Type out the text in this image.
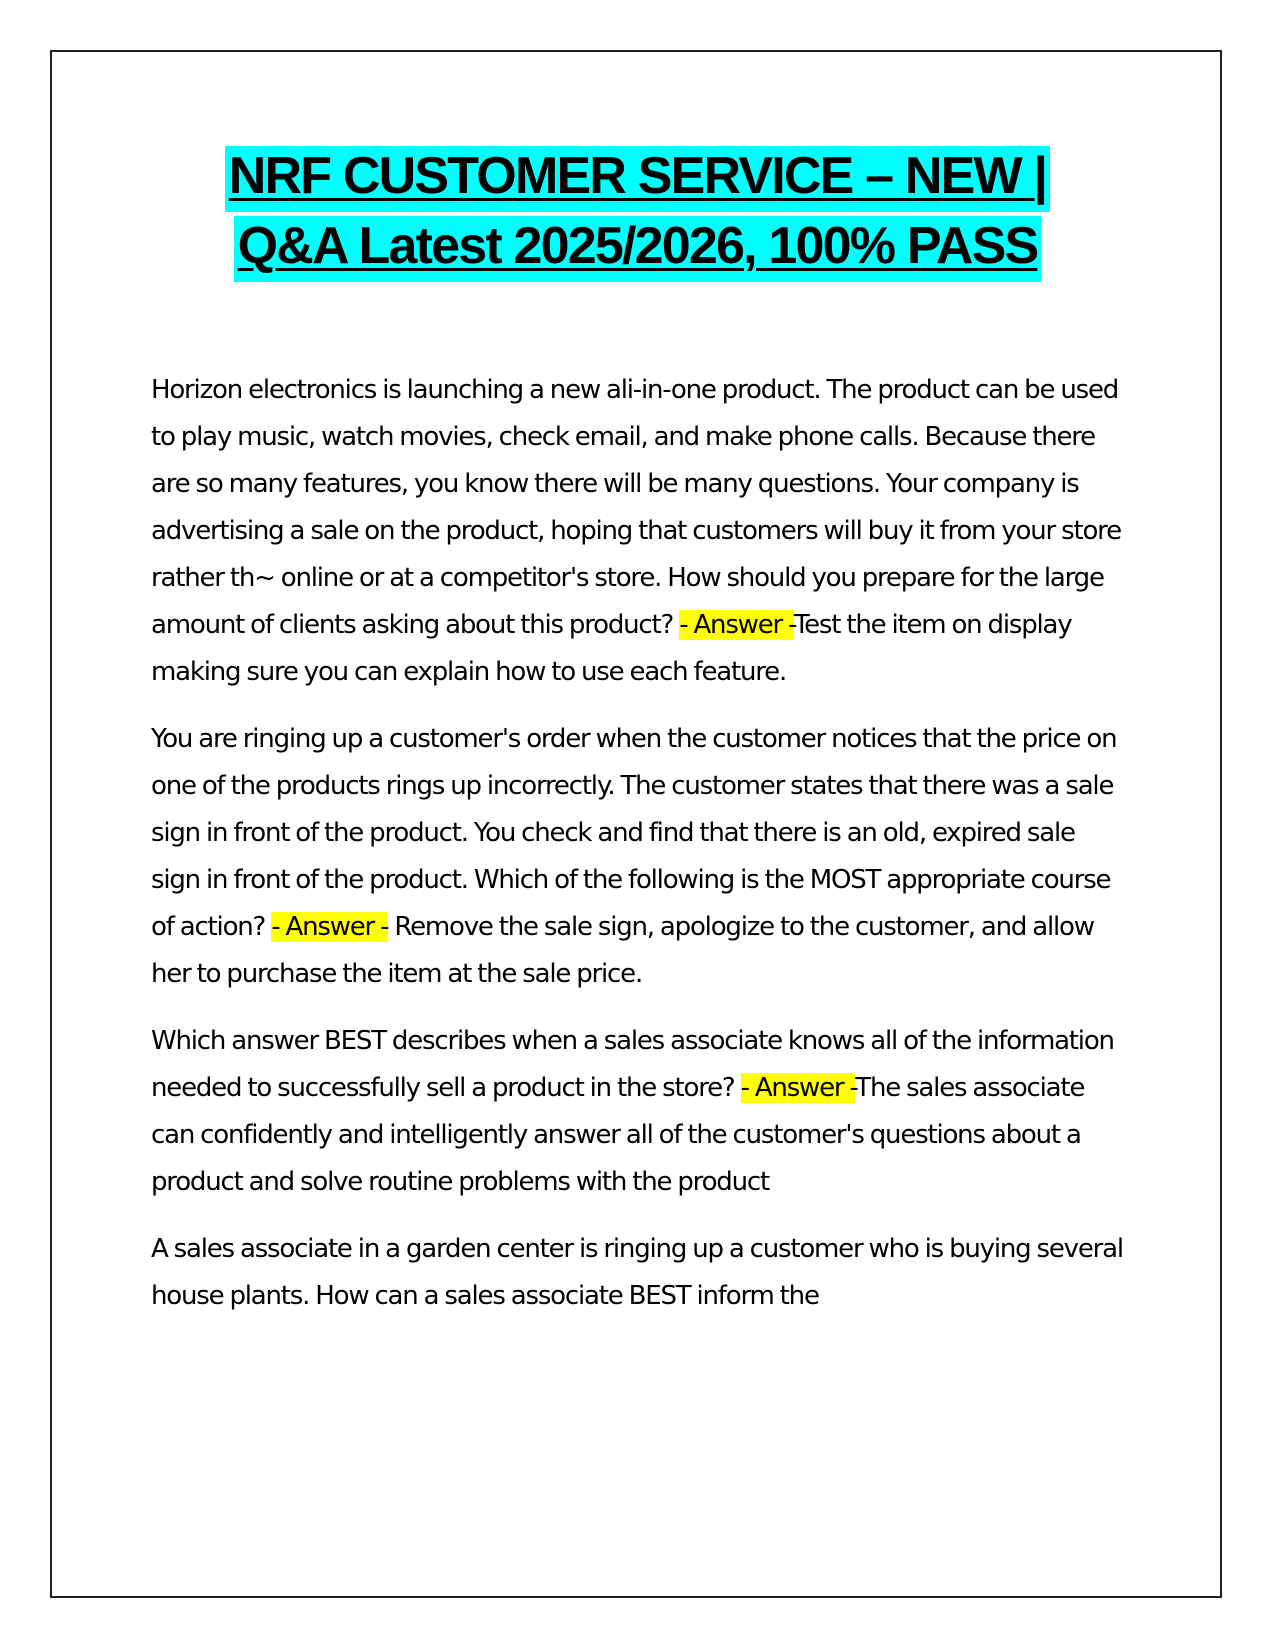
NRF CUSTOMER SERVICE – NEW |
Q&A Latest 2025/2026, 100% PASS

Horizon electronics is launching a new ali-in-one product. The product can be used to play music, watch movies, check email, and make phone calls. Because there are so many features, you know there will be many questions. Your company is advertising a sale on the product, hoping that customers will buy it from your store rather th~ online or at a competitor's store. How should you prepare for the large amount of clients asking about this product? - Answer -Test the item on display making sure you can explain how to use each feature.

You are ringing up a customer's order when the customer notices that the price on one of the products rings up incorrectly. The customer states that there was a sale sign in front of the product. You check and find that there is an old, expired sale sign in front of the product. Which of the following is the MOST appropriate course of action? - Answer - Remove the sale sign, apologize to the customer, and allow her to purchase the item at the sale price.

Which answer BEST describes when a sales associate knows all of the information needed to successfully sell a product in the store? - Answer -The sales associate can confidently and intelligently answer all of the customer's questions about a product and solve routine problems with the product

A sales associate in a garden center is ringing up a customer who is buying several house plants. How can a sales associate BEST inform the
